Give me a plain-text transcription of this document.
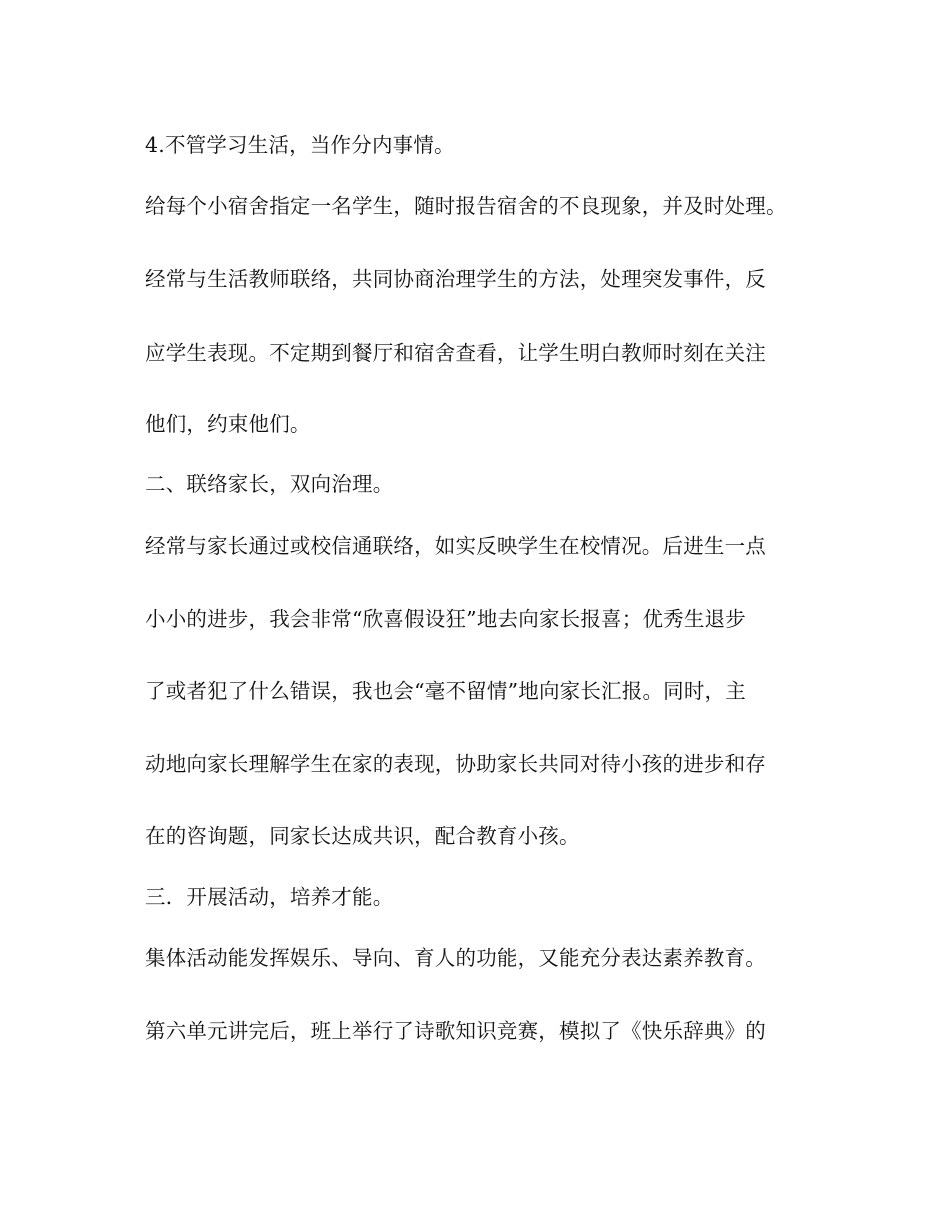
4.不管学习生活，当作分内事情。
给每个小宿舍指定一名学生，随时报告宿舍的不良现象，并及时处理。
经常与生活教师联络，共同协商治理学生的方法，处理突发事件，反
应学生表现。不定期到餐厅和宿舍查看，让学生明白教师时刻在关注
他们，约束他们。
二、联络家长，双向治理。
经常与家长通过或校信通联络，如实反映学生在校情况。后进生一点
小小的进步，我会非常“欣喜假设狂”地去向家长报喜；优秀生退步
了或者犯了什么错误，我也会“毫不留情”地向家长汇报。同时，主
动地向家长理解学生在家的表现，协助家长共同对待小孩的进步和存
在的咨询题，同家长达成共识，配合教育小孩。
三．开展活动，培养才能。
集体活动能发挥娱乐、导向、育人的功能，又能充分表达素养教育。
第六单元讲完后，班上举行了诗歌知识竞赛，模拟了《快乐辞典》的
